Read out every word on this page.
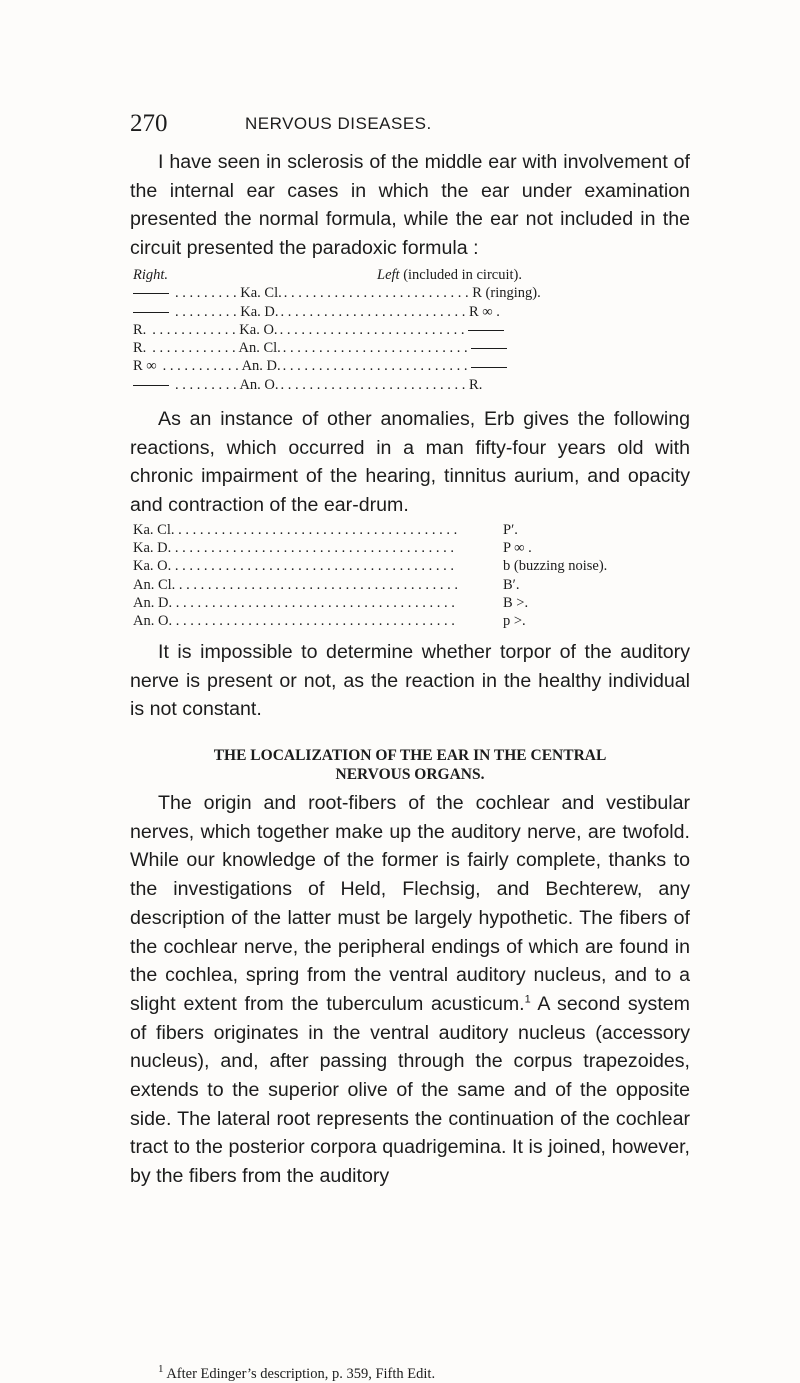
270	NERVOUS DISEASES.

I have seen in sclerosis of the middle ear with involvement of the internal ear cases in which the ear under examination presented the normal formula, while the ear not included in the circuit presented the paradoxic formula :

Right.	Left (included in circuit).
. . . . . . . . . Ka. Cl. . . . . . . . . . . . . . . . . . . . . . . . . . . R (ringing).
. . . . . . . . . Ka. D. . . . . . . . . . . . . . . . . . . . . . . . . . . R ∞ .
R. . . . . . . . . . . . . Ka. O. . . . . . . . . . . . . . . . . . . . . . . . . . .
R. . . . . . . . . . . . . An. Cl. . . . . . . . . . . . . . . . . . . . . . . . . . .
R ∞ . . . . . . . . . . . An. D. . . . . . . . . . . . . . . . . . . . . . . . . . .
. . . . . . . . . An. O. . . . . . . . . . . . . . . . . . . . . . . . . . . R.

As an instance of other anomalies, Erb gives the following reactions, which occurred in a man fifty-four years old with chronic impairment of the hearing, tinnitus aurium, and opacity and contraction of the ear-drum.

Ka. Cl. . . . . . . . . . . . . . . . . . . . . . . . . . . . . . . . . . . . . . . .	P′.
Ka. D. . . . . . . . . . . . . . . . . . . . . . . . . . . . . . . . . . . . . . . .	P ∞ .
Ka. O. . . . . . . . . . . . . . . . . . . . . . . . . . . . . . . . . . . . . . . .	b (buzzing noise).
An. Cl. . . . . . . . . . . . . . . . . . . . . . . . . . . . . . . . . . . . . . . .	B′.
An. D. . . . . . . . . . . . . . . . . . . . . . . . . . . . . . . . . . . . . . . .	B >.
An. O. . . . . . . . . . . . . . . . . . . . . . . . . . . . . . . . . . . . . . . .	p >.

It is impossible to determine whether torpor of the auditory nerve is present or not, as the reaction in the healthy individual is not constant.

THE LOCALIZATION OF THE EAR IN THE CENTRAL
NERVOUS ORGANS.

The origin and root-fibers of the cochlear and vestibular nerves, which together make up the auditory nerve, are twofold. While our knowledge of the former is fairly complete, thanks to the investigations of Held, Flechsig, and Bechterew, any description of the latter must be largely hypothetic. The fibers of the cochlear nerve, the peripheral endings of which are found in the cochlea, spring from the ventral auditory nucleus, and to a slight extent from the tuberculum acusticum.$^1$ A second system of fibers originates in the ventral auditory nucleus (accessory nucleus), and, after passing through the corpus trapezoides, extends to the superior olive of the same and of the opposite side. The lateral root represents the continuation of the cochlear tract to the posterior corpora quadrigemina. It is joined, however, by the fibers from the auditory

$^1$ After Edinger’s description, p. 359, Fifth Edit.
